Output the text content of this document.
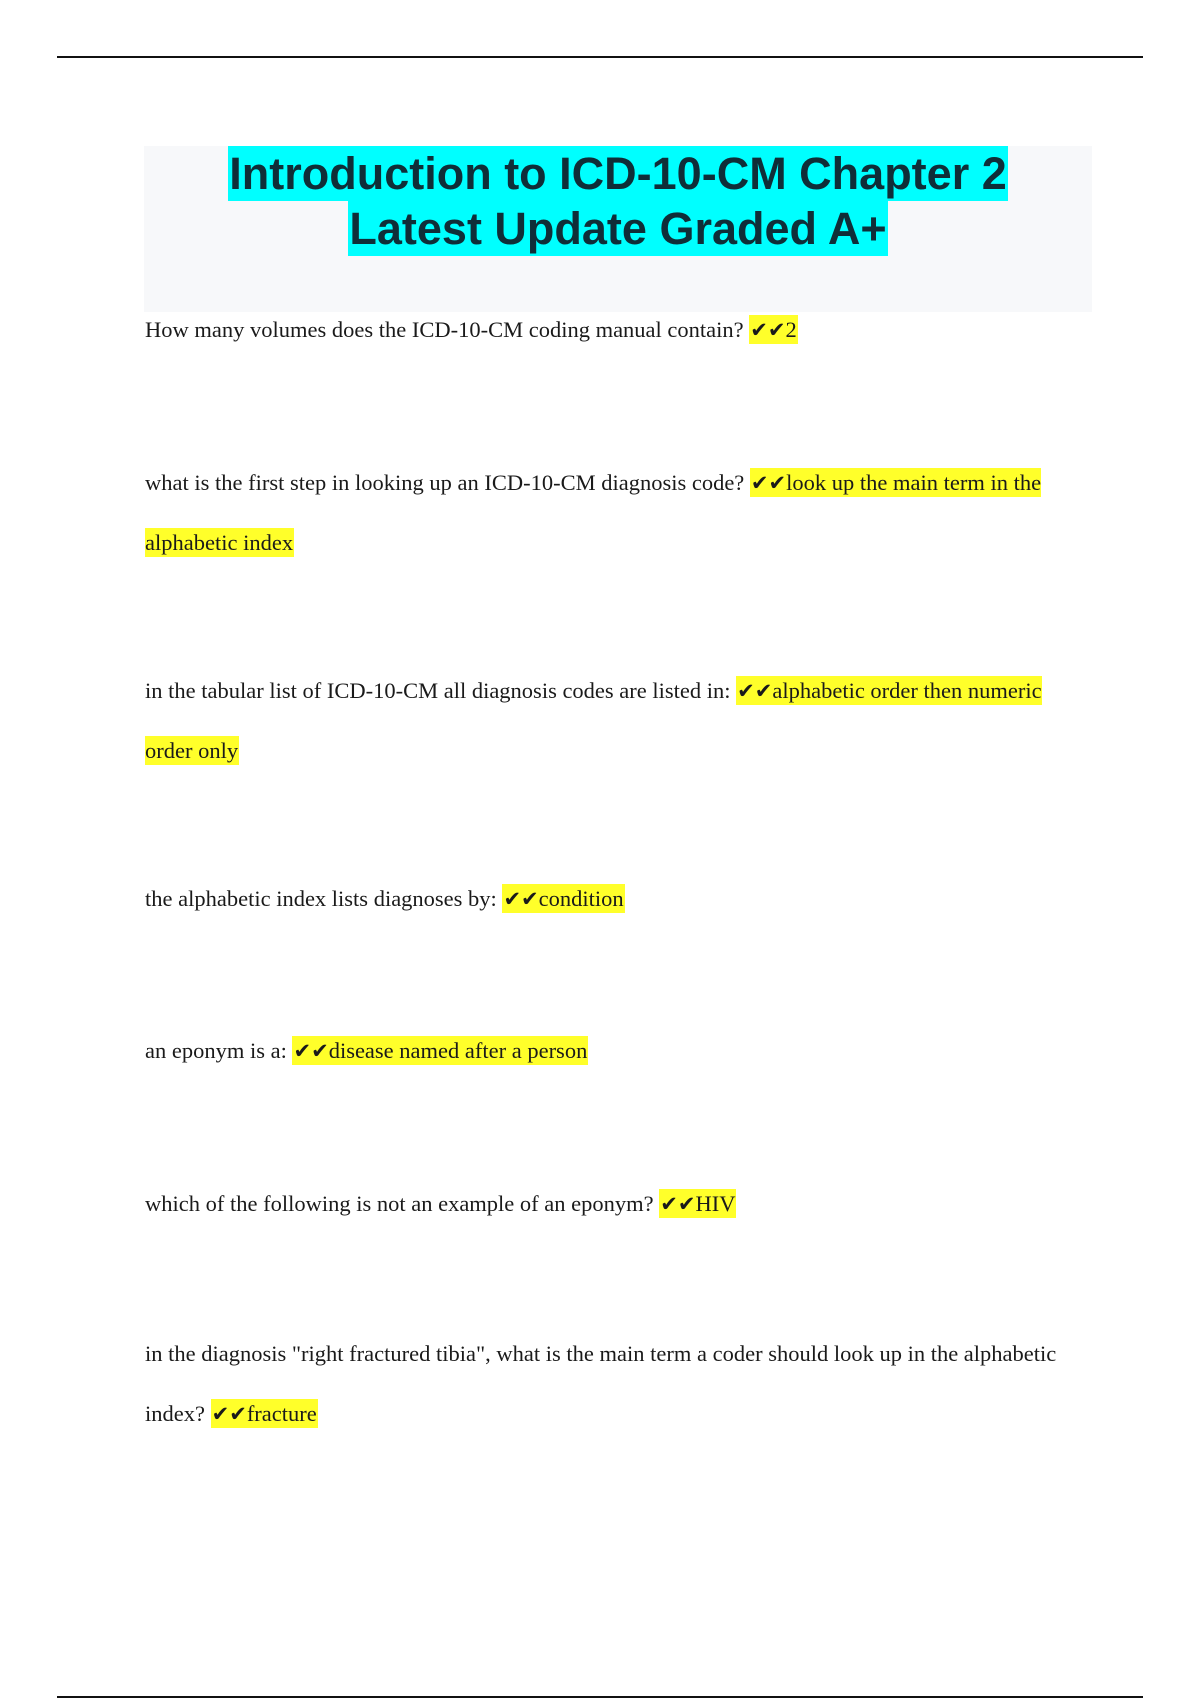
Introduction to ICD-10-CM Chapter 2
Latest Update Graded A+

How many volumes does the ICD-10-CM coding manual contain? ✔✔2

what is the first step in looking up an ICD-10-CM diagnosis code? ✔✔look up the main term in the alphabetic index

in the tabular list of ICD-10-CM all diagnosis codes are listed in: ✔✔alphabetic order then numeric order only

the alphabetic index lists diagnoses by: ✔✔condition

an eponym is a: ✔✔disease named after a person

which of the following is not an example of an eponym? ✔✔HIV

in the diagnosis "right fractured tibia", what is the main term a coder should look up in the alphabetic index? ✔✔fracture
